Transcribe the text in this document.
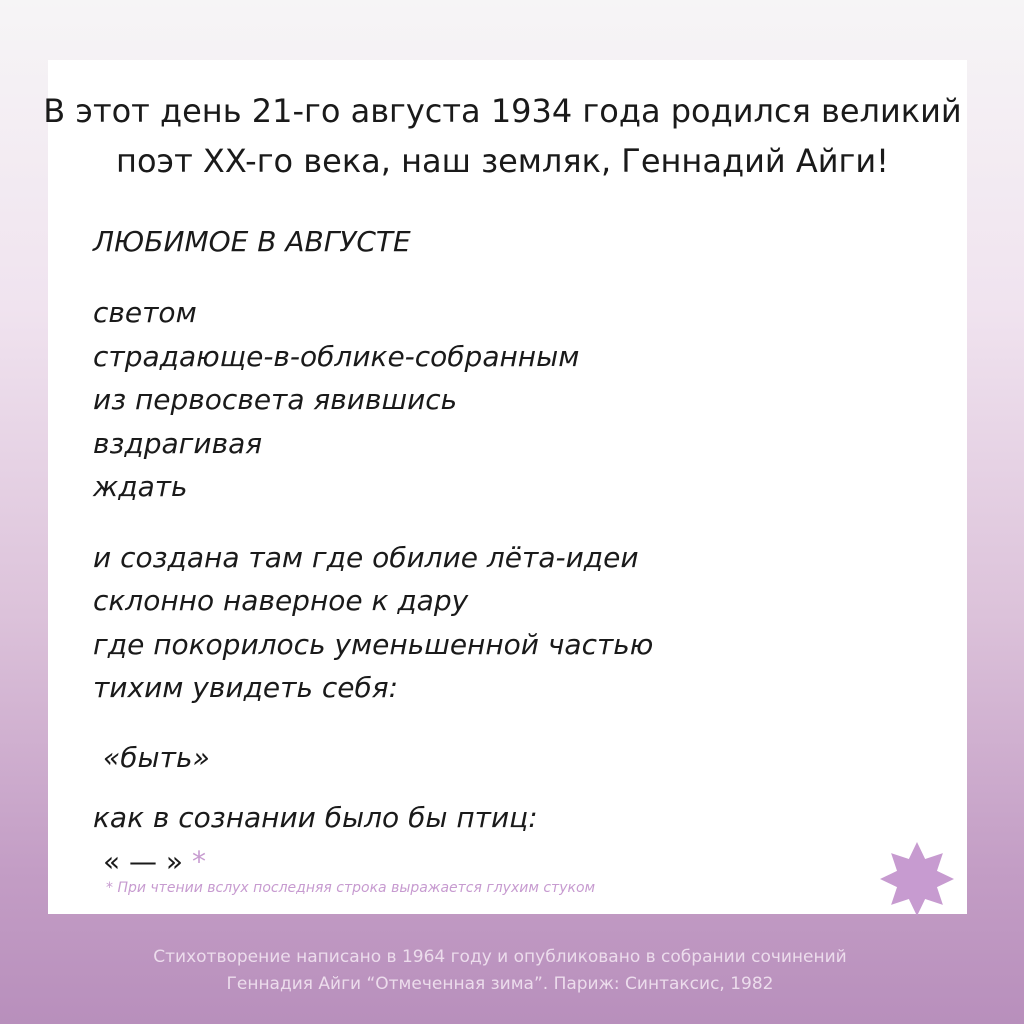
В этот день 21-го августа 1934 года родился великий
поэт XX-го века, наш земляк, Геннадий Айги!
ЛЮБИМОЕ В АВГУСТЕ
светом
страдающе-в-облике-собранным
из первосвета явившись
вздрагивая
ждать
и создана там где обилие лёта-идеи
склонно наверное к дару
где покорилось уменьшенной частью
тихим увидеть себя:
«быть»
как в сознании было бы птиц:
« — » *
* При чтении вслух последняя строка выражается глухим стуком
Стихотворение написано в 1964 году и опубликовано в собрании сочинений
Геннадия Айги “Отмеченная зима”. Париж: Синтаксис, 1982
